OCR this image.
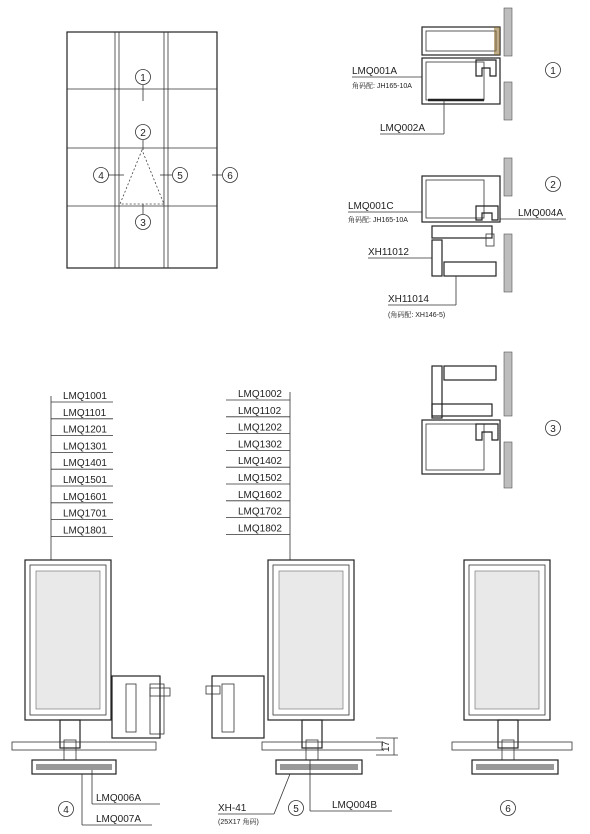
1
2
3
4	5	6
LMQ001A
角码配: JH165-10A
LMQ002A
1
LMQ001C
角码配: JH165-10A
LMQ004A
XH11012
XH11014
(角码配: XH146-5)
2
3
LMQ1001
LMQ1101
LMQ1201
LMQ1301
LMQ1401
LMQ1501
LMQ1601
LMQ1701
LMQ1801
LMQ006A
LMQ007A
4
LMQ1002
LMQ1102
LMQ1202
LMQ1302
LMQ1402
LMQ1502
LMQ1602
LMQ1702
LMQ1802
17
XH-41
(25X17 角码)
LMQ004B
5	6
